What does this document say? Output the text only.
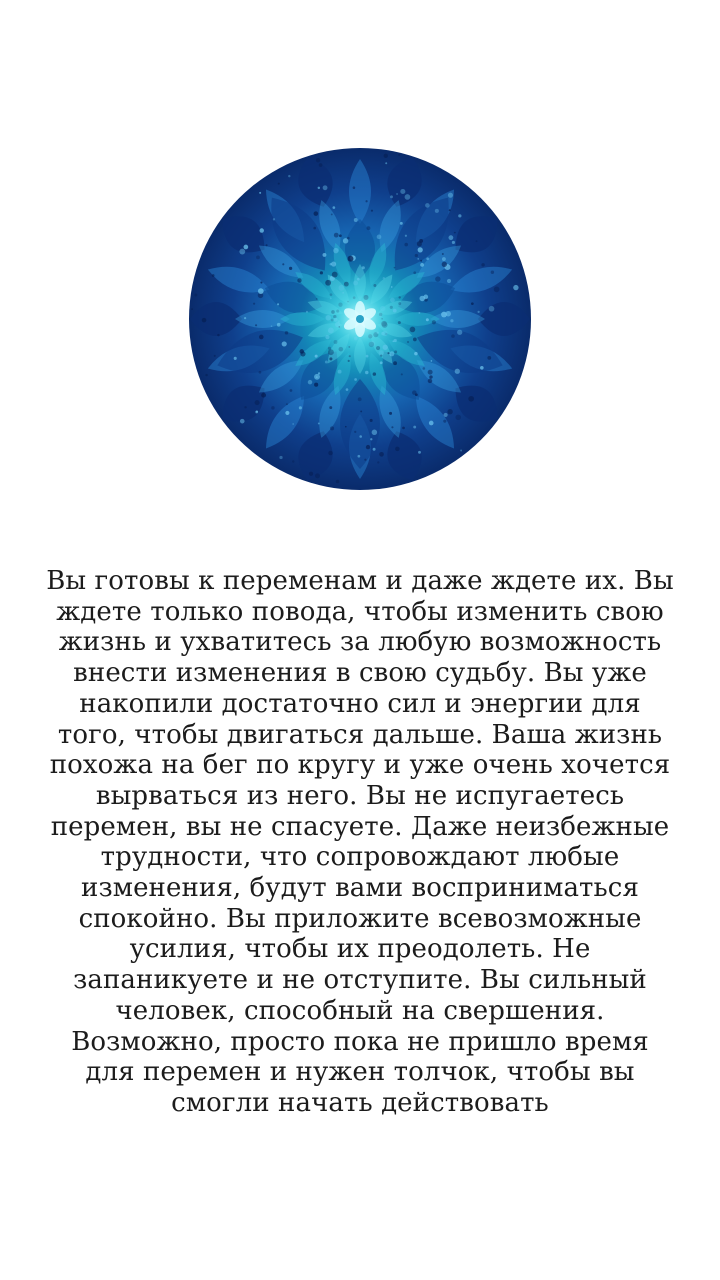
Вы готовы к переменам и даже ждете их. Вы
ждете только повода, чтобы изменить свою
жизнь и ухватитесь за любую возможность
внести изменения в свою судьбу. Вы уже
накопили достаточно сил и энергии для
того, чтобы двигаться дальше. Ваша жизнь
похожа на бег по кругу и уже очень хочется
вырваться из него. Вы не испугаетесь
перемен, вы не спасуете. Даже неизбежные
трудности, что сопровождают любые
изменения, будут вами восприниматься
спокойно. Вы приложите всевозможные
усилия, чтобы их преодолеть. Не
запаникуете и не отступите. Вы сильный
человек, способный на свершения.
Возможно, просто пока не пришло время
для перемен и нужен толчок, чтобы вы
смогли начать действовать
